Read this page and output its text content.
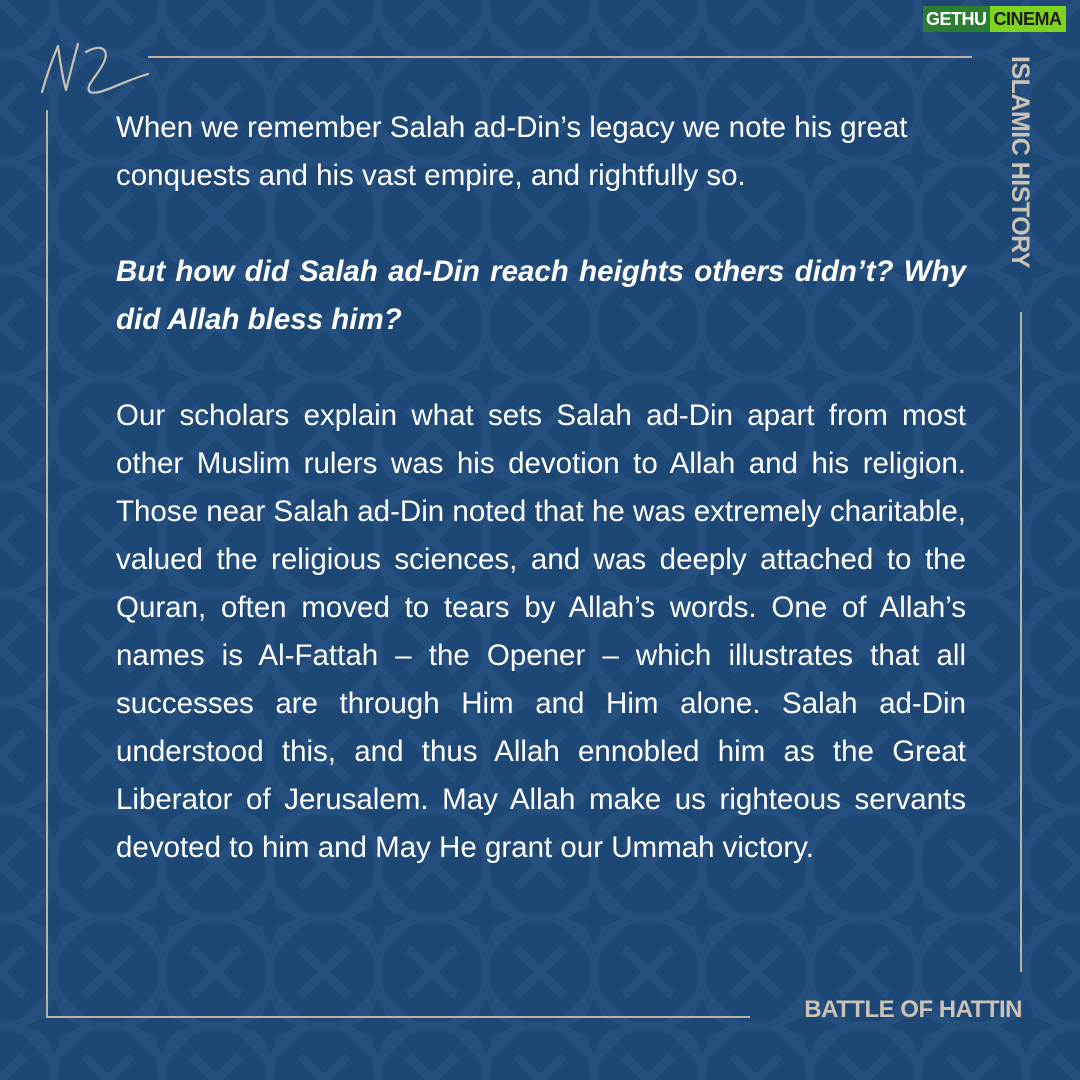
ISLAMIC HISTORY
GETHU CINEMA

When we remember Salah ad-Din’s legacy we note his great conquests and his vast empire, and rightfully so.

But how did Salah ad-Din reach heights others didn’t? Why did Allah bless him?

Our scholars explain what sets Salah ad-Din apart from most other Muslim rulers was his devotion to Allah and his religion. Those near Salah ad-Din noted that he was extremely charitable, valued the religious sciences, and was deeply attached to the Quran, often moved to tears by Allah’s words. One of Allah’s names is Al-Fattah – the Opener – which illustrates that all successes are through Him and Him alone. Salah ad-Din understood this, and thus Allah ennobled him as the Great Liberator of Jerusalem. May Allah make us righteous servants devoted to him and May He grant our Ummah victory.

BATTLE OF HATTIN
